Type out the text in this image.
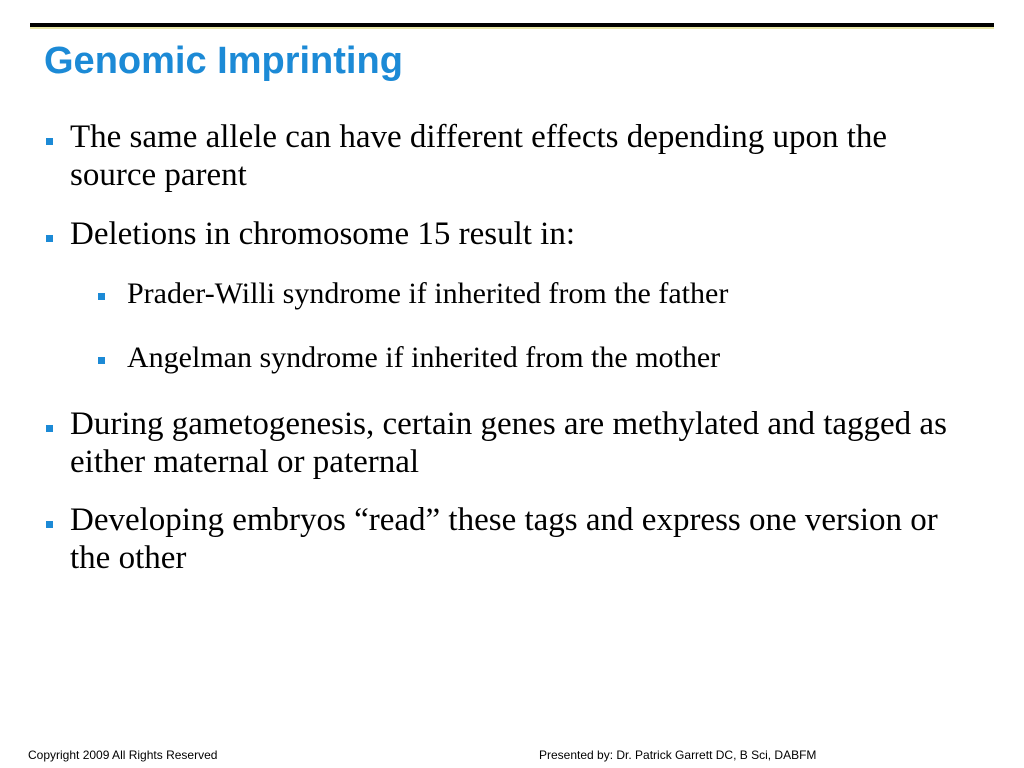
Genomic Imprinting
The same allele can have different effects depending upon the source parent
Deletions in chromosome 15 result in:
Prader-Willi syndrome if inherited from the father
Angelman syndrome if inherited from the mother
During gametogenesis, certain genes are methylated and tagged as either maternal or paternal
Developing embryos “read” these tags and express one version or the other
Copyright 2009 All Rights Reserved	Presented by: Dr. Patrick Garrett DC, B Sci, DABFM
